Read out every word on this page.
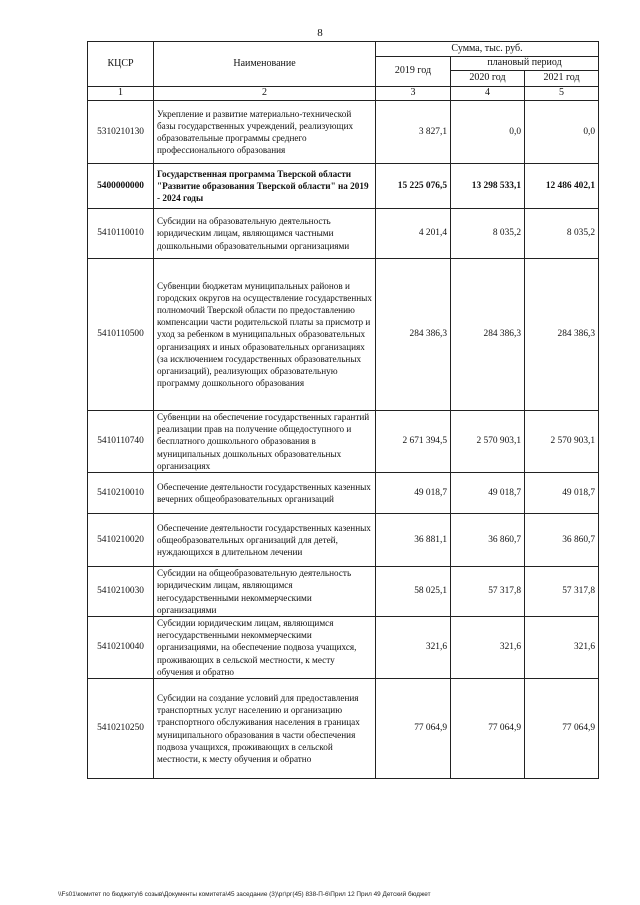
8
КЦСР	Наименование	Сумма, тыс. руб.		
		2019 год	плановый период	
			2020 год	2021 год
1	2	3	4	5
5310210130	Укрепление и развитие материально-технической базы государственных учреждений, реализующих образовательные программы среднего профессионального образования	3 827,1	0,0	0,0
5400000000	Государственная программа Тверской области "Развитие образования Тверской области" на 2019 - 2024 годы	15 225 076,5	13 298 533,1	12 486 402,1
5410110010	Субсидии на образовательную деятельность юридическим лицам, являющимся частными дошкольными образовательными организациями	4 201,4	8 035,2	8 035,2
5410110500	Субвенции бюджетам муниципальных районов и городских округов на осуществление государственных полномочий Тверской области по предоставлению компенсации части родительской платы за присмотр и уход за ребенком в муниципальных образовательных организациях и иных образовательных организациях (за исключением государственных образовательных организаций), реализующих образовательную программу дошкольного образования	284 386,3	284 386,3	284 386,3
5410110740	Субвенции на обеспечение государственных гарантий реализации прав на получение общедоступного и бесплатного дошкольного образования в муниципальных дошкольных образовательных организациях	2 671 394,5	2 570 903,1	2 570 903,1
5410210010	Обеспечение деятельности государственных казенных вечерних общеобразовательных организаций	49 018,7	49 018,7	49 018,7
5410210020	Обеспечение деятельности государственных казенных общеобразовательных организаций для детей, нуждающихся в длительном лечении	36 881,1	36 860,7	36 860,7
5410210030	Субсидии на общеобразовательную деятельность юридическим лицам, являющимся негосударственными некоммерческими организациями	58 025,1	57 317,8	57 317,8
5410210040	Субсидии юридическим лицам, являющимся негосударственными некоммерческими организациями, на обеспечение подвоза учащихся, проживающих в сельской местности, к месту обучения и обратно	321,6	321,6	321,6
5410210250	Субсидии на создание условий для предоставления транспортных услуг населению и организацию транспортного обслуживания населения в границах муниципального образования в части обеспечения подвоза учащихся, проживающих в сельской местности, к месту обучения и обратно	77 064,9	77 064,9	77 064,9
\\Fs01\комитет по бюджету\6 созыв\Документы комитета\45 заседание (3)\рг\рг(45) 838-П-6\Прил 12 Прил 49 Детский бюджет
